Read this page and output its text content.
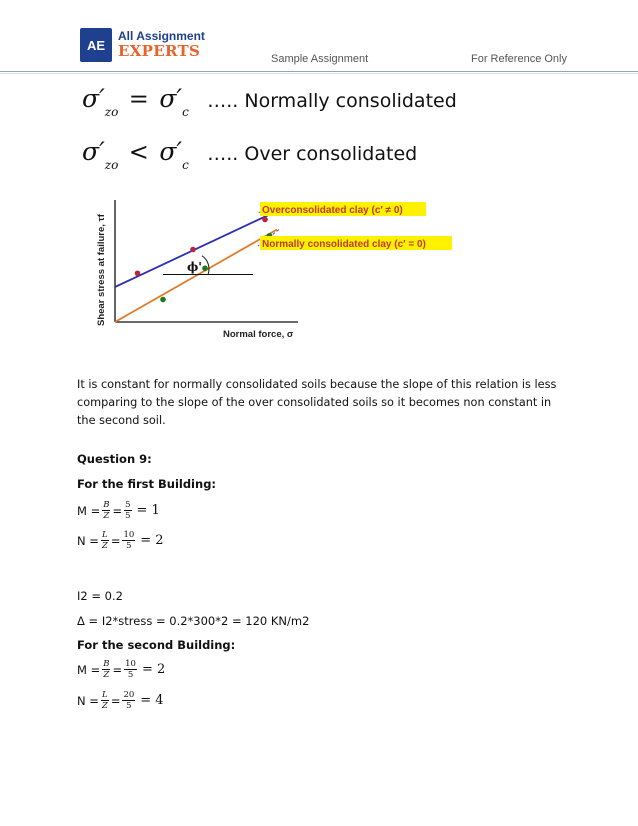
AE
All Assignment
EXPERTS	Sample Assignment	For Reference Only
$\sigma'_{zo} = \sigma'_c$ ….. Normally consolidated
$\sigma'_{zo} < \sigma'_c$ ….. Over consolidated
Shear stress at failure, τf
Normal force, σ
ϕ'
Overconsolidated clay (c′ ≠ 0)
Normally consolidated clay (c′ = 0)
It is constant for normally consolidated soils because the slope of this relation is less comparing to the slope of the over consolidated soils so it becomes non constant in the second soil.
Question 9:
For the first Building:
$M = \frac{B}{Z} = \frac{5}{5} = 1$
$N = \frac{L}{Z} = \frac{10}{5} = 2$
I2 = 0.2
Δ = I2*stress = 0.2*300*2 = 120 KN/m2
For the second Building:
$M = \frac{B}{Z} = \frac{10}{5} = 2$
$N = \frac{L}{Z} = \frac{20}{5} = 4$
